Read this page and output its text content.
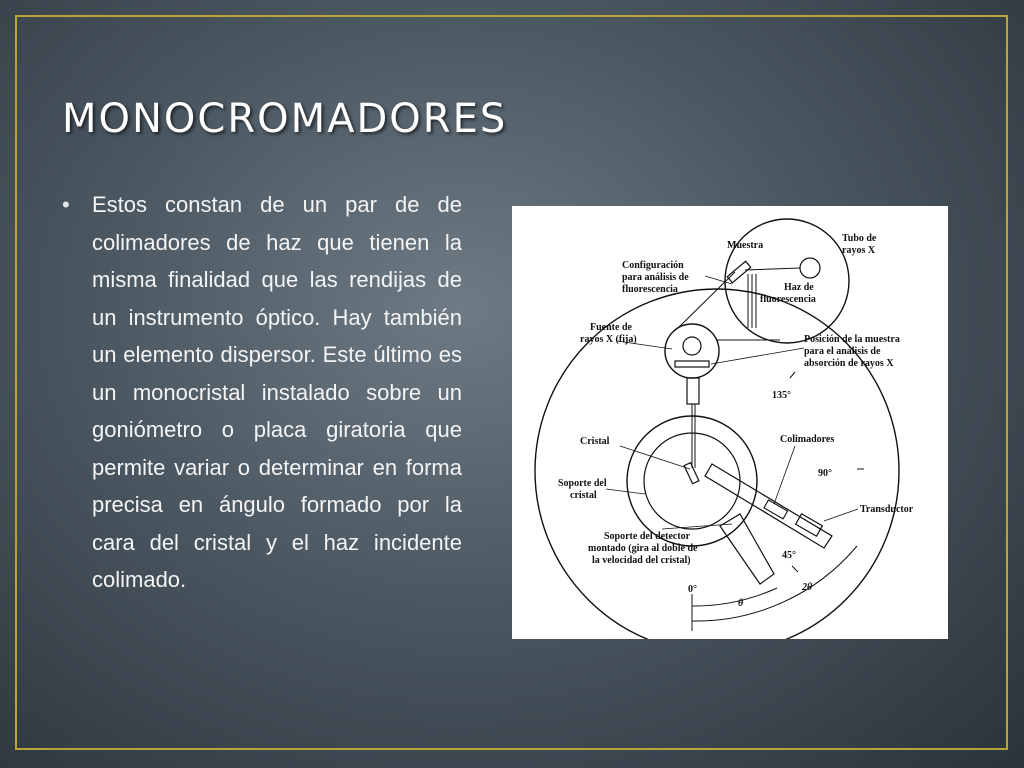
MONOCROMADORES
• Estos constan de un par de de colimadores de haz que tienen la misma finalidad que las rendijas de un instrumento óptico. Hay también un elemento dispersor. Este último es un monocristal instalado sobre un goniómetro o placa giratoria que permite variar o determinar en forma precisa en ángulo formado por la cara del cristal y el haz incidente colimado.
Muestra
Tubo de
rayos X
Configuración
para análisis de
fluorescencia	Haz de
fluorescencia
Fuente de
rayos X (fija)	Posición de la muestra
para el análisis de
absorción de rayos X
135°
Cristal	Colimadores
90°
Soporte del
cristal
Transductor
Soporte del detector
montado (gira al doble de
la velocidad del cristal)	45°
0°
θ
2θ
